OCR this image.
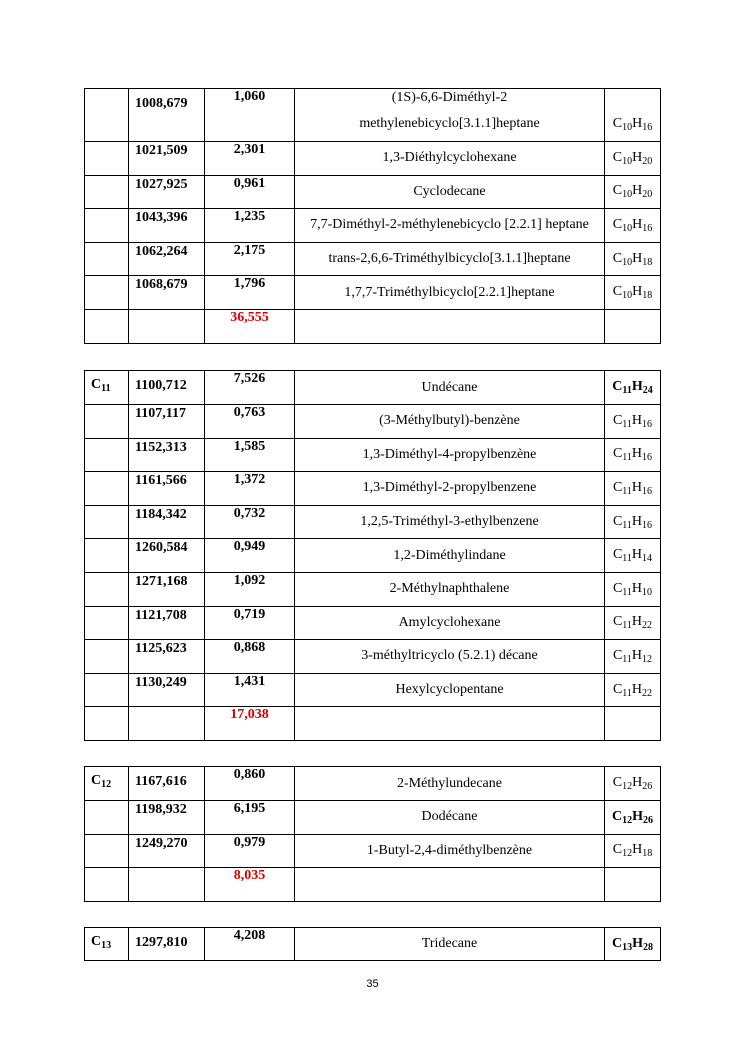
	1008,679	1,060	(1S)-6,6-Diméthyl-2
methylenebicyclo[3.1.1]heptane	$C_{10}H_{16}$
	1021,509	2,301	1,3-Diéthylcyclohexane	$C_{10}H_{20}$
	1027,925	0,961	Cyclodecane	$C_{10}H_{20}$
	1043,396	1,235	7,7-Diméthyl-2-méthylenebicyclo [2.2.1] heptane	$C_{10}H_{16}$
	1062,264	2,175	trans-2,6,6-Triméthylbicyclo[3.1.1]heptane	$C_{10}H_{18}$
	1068,679	1,796	1,7,7-Triméthylbicyclo[2.2.1]heptane	$C_{10}H_{18}$
		36,555		
$C_{11}$	1100,712	7,526	Undécane	$C_{11}H_{24}$
	1107,117	0,763	(3-Méthylbutyl)-benzène	$C_{11}H_{16}$
	1152,313	1,585	1,3-Diméthyl-4-propylbenzène	$C_{11}H_{16}$
	1161,566	1,372	1,3-Diméthyl-2-propylbenzene	$C_{11}H_{16}$
	1184,342	0,732	1,2,5-Triméthyl-3-ethylbenzene	$C_{11}H_{16}$
	1260,584	0,949	1,2-Diméthylindane	$C_{11}H_{14}$
	1271,168	1,092	2-Méthylnaphthalene	$C_{11}H_{10}$
	1121,708	0,719	Amylcyclohexane	$C_{11}H_{22}$
	1125,623	0,868	3-méthyltricyclo (5.2.1) décane	$C_{11}H_{12}$
	1130,249	1,431	Hexylcyclopentane	$C_{11}H_{22}$
		17,038		
$C_{12}$	1167,616	0,860	2-Méthylundecane	$C_{12}H_{26}$
	1198,932	6,195	Dodécane	$C_{12}H_{26}$
	1249,270	0,979	1-Butyl-2,4-diméthylbenzène	$C_{12}H_{18}$
		8,035		
$C_{13}$	1297,810	4,208	Tridecane	$C_{13}H_{28}$
35
